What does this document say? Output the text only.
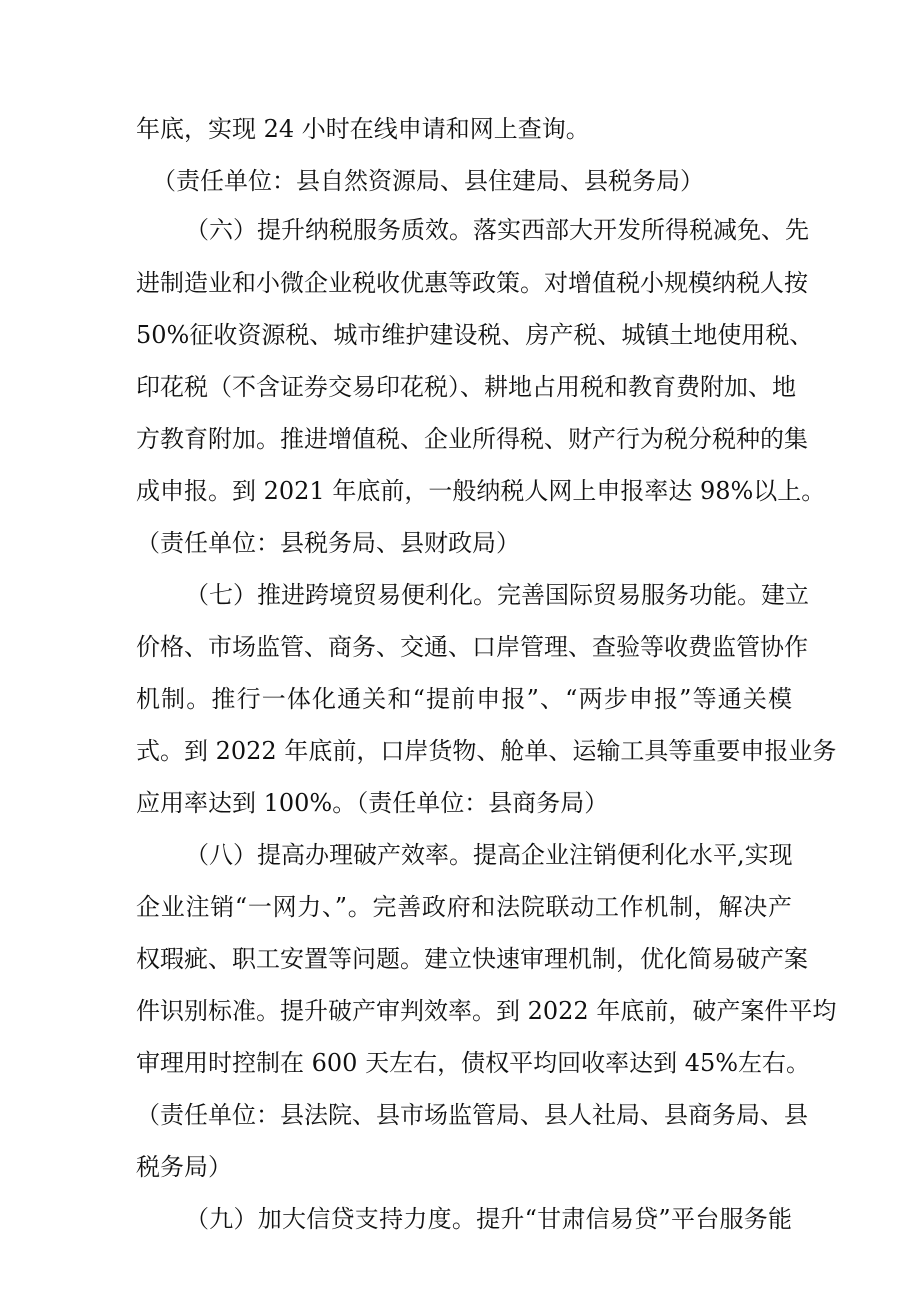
年底，实现 24 小时在线申请和网上查询。

（责任单位：县自然资源局、县住建局、县税务局）

（六）提升纳税服务质效。落实西部大开发所得税减免、先

进制造业和小微企业税收优惠等政策。对增值税小规模纳税人按

50%征收资源税、城市维护建设税、房产税、城镇土地使用税、

印花税（不含证券交易印花税）、耕地占用税和教育费附加、地

方教育附加。推进增值税、企业所得税、财产行为税分税种的集

成申报。到 2021 年底前，一般纳税人网上申报率达 98%以上。

（责任单位：县税务局、县财政局）

（七）推进跨境贸易便利化。完善国际贸易服务功能。建立

价格、市场监管、商务、交通、口岸管理、查验等收费监管协作

机制。推行一体化通关和“提前申报”、“两步申报”等通关模

式。到 2022 年底前，口岸货物、舱单、运输工具等重要申报业务

应用率达到 100%。（责任单位：县商务局）

（八）提高办理破产效率。提高企业注销便利化水平,实现

企业注销“一网力、”。完善政府和法院联动工作机制，解决产

权瑕疵、职工安置等问题。建立快速审理机制，优化简易破产案

件识别标准。提升破产审判效率。到 2022 年底前，破产案件平均

审理用时控制在 600 天左右，债权平均回收率达到 45%左右。

（责任单位：县法院、县市场监管局、县人社局、县商务局、县

税务局）

（九）加大信贷支持力度。提升“甘肃信易贷”平台服务能
